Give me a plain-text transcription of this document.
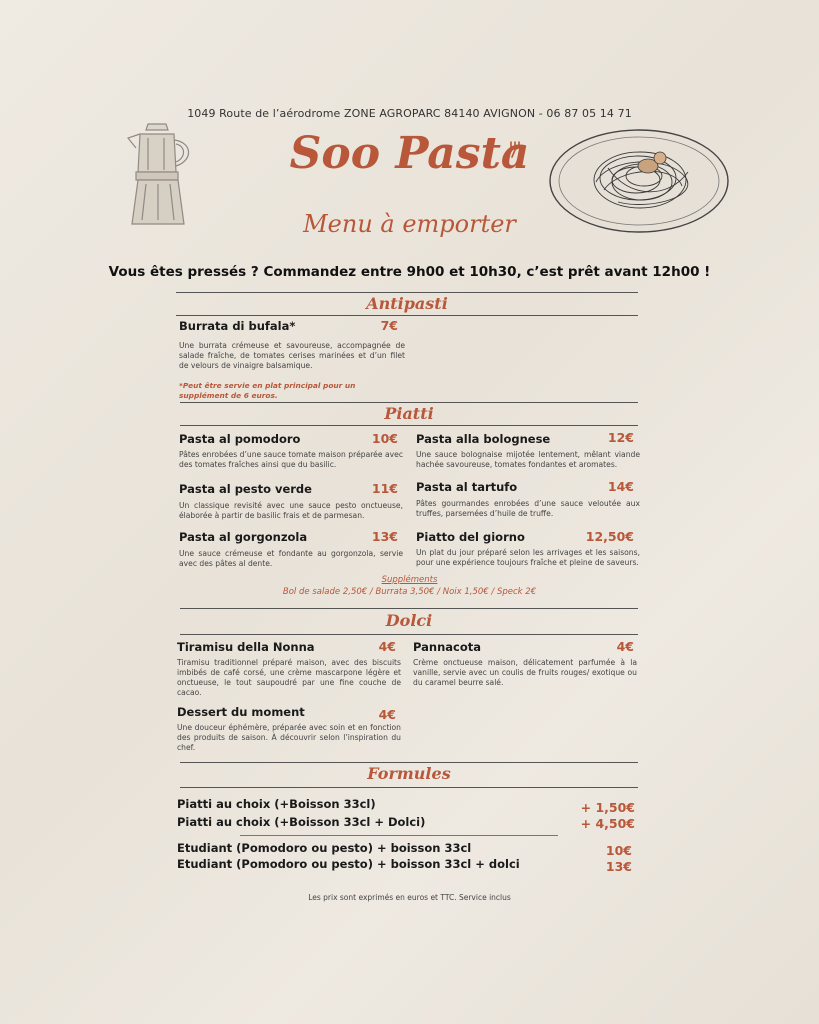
1049 Route de l’aérodrome ZONE AGROPARC 84140 AVIGNON - 06 87 05 14 71
Soo Pasta
Menu à emporter
Vous êtes pressés ? Commandez entre 9h00 et 10h30, c’est prêt avant 12h00 !
Antipasti
Burrata di bufala*	7€
Une burrata crémeuse et savoureuse, accompagnée de salade fraîche, de tomates cerises marinées et d’un filet de velours de vinaigre balsamique.
*Peut être servie en plat principal pour un supplément de 6 euros.
Piatti
Pasta al pomodoro	10€
Pâtes enrobées d’une sauce tomate maison préparée avec des tomates fraîches ainsi que du basilic.
Pasta alla bolognese	12€
Une sauce bolognaise mijotée lentement, mêlant viande hachée savoureuse, tomates fondantes et aromates.
Pasta al pesto verde	11€
Un classique revisité avec une sauce pesto onctueuse, élaborée à partir de basilic frais et de parmesan.
Pasta al tartufo	14€
Pâtes gourmandes enrobées d’une sauce veloutée aux truffes, parsemées d’huile de truffe.
Pasta al gorgonzola	13€
Une sauce crémeuse et fondante au gorgonzola, servie avec des pâtes al dente.
Piatto del giorno	12,50€
Un plat du jour préparé selon les arrivages et les saisons, pour une expérience toujours fraîche et pleine de saveurs.
Suppléments
Bol de salade 2,50€ / Burrata 3,50€ / Noix 1,50€ / Speck 2€
Dolci
Tiramisu della Nonna	4€
Tiramisu traditionnel préparé maison, avec des biscuits imbibés de café corsé, une crème mascarpone légère et onctueuse, le tout saupoudré par une fine couche de cacao.
Pannacota	4€
Crème onctueuse maison, délicatement parfumée à la vanille, servie avec un coulis de fruits rouges/ exotique ou du caramel beurre salé.
Dessert du moment	4€
Une douceur éphémère, préparée avec soin et en fonction des produits de saison. À découvrir selon l’inspiration du chef.
Formules
Piatti au choix (+Boisson 33cl)	+ 1,50€
Piatti au choix (+Boisson 33cl + Dolci)	+ 4,50€
Etudiant (Pomodoro ou pesto) + boisson 33cl	10€
Etudiant (Pomodoro ou pesto) + boisson 33cl + dolci	13€
Les prix sont exprimés en euros et TTC. Service inclus
